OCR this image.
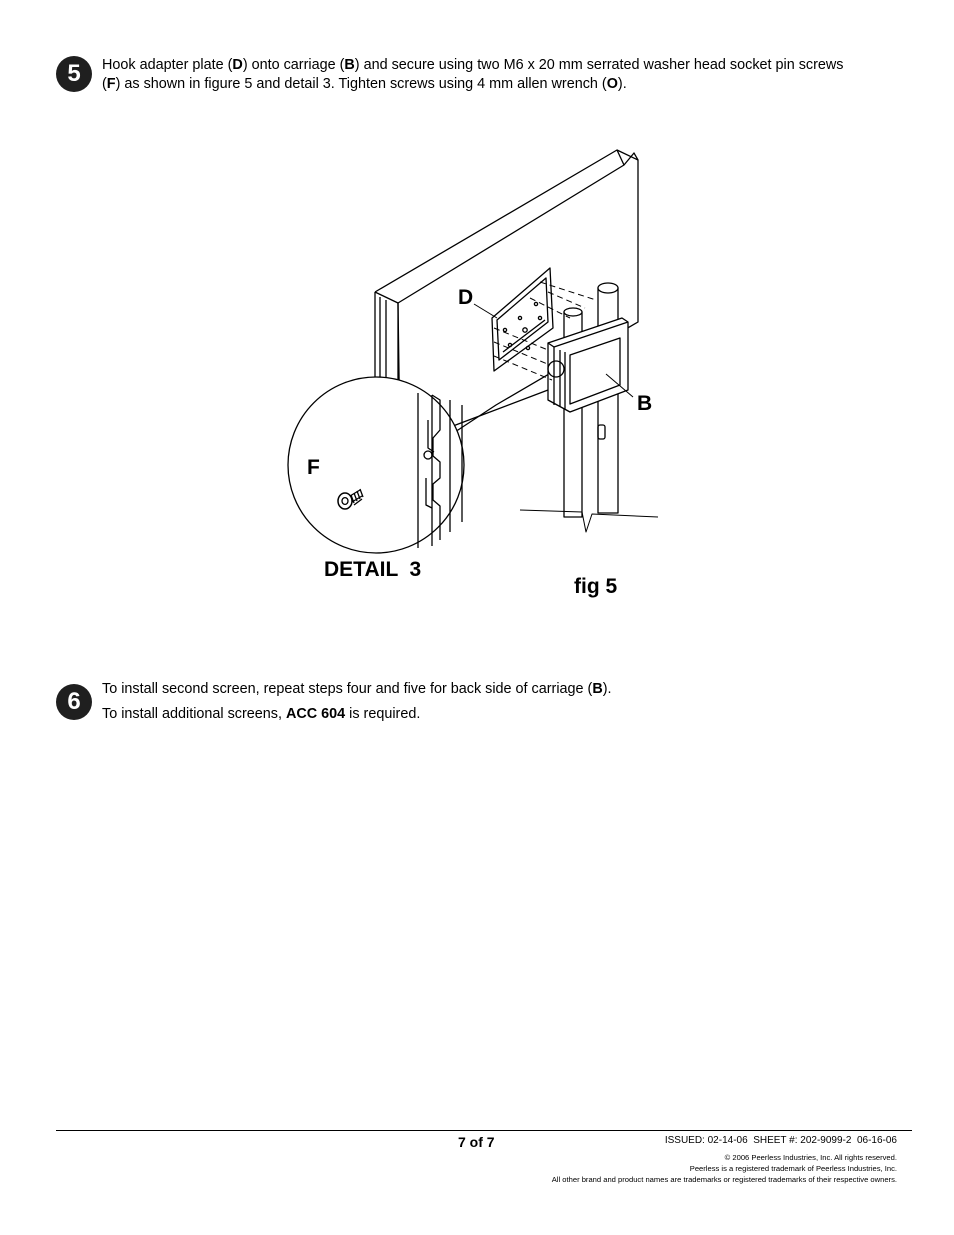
5 Hook adapter plate (D) onto carriage (B) and secure using two M6 x 20 mm serrated washer head socket pin screws
(F) as shown in figure 5 and detail 3. Tighten screws using 4 mm allen wrench (O).
D
B
F
DETAIL  3
fig 5
6 To install second screen, repeat steps four and five for back side of carriage (B).
To install additional screens, ACC 604 is required.
7 of 7	ISSUED: 02-14-06  SHEET #: 202-9099-2  06-16-06
© 2006 Peerless Industries, Inc. All rights reserved.
Peerless is a registered trademark of Peerless Industries, Inc.
All other brand and product names are trademarks or registered trademarks of their respective owners.
